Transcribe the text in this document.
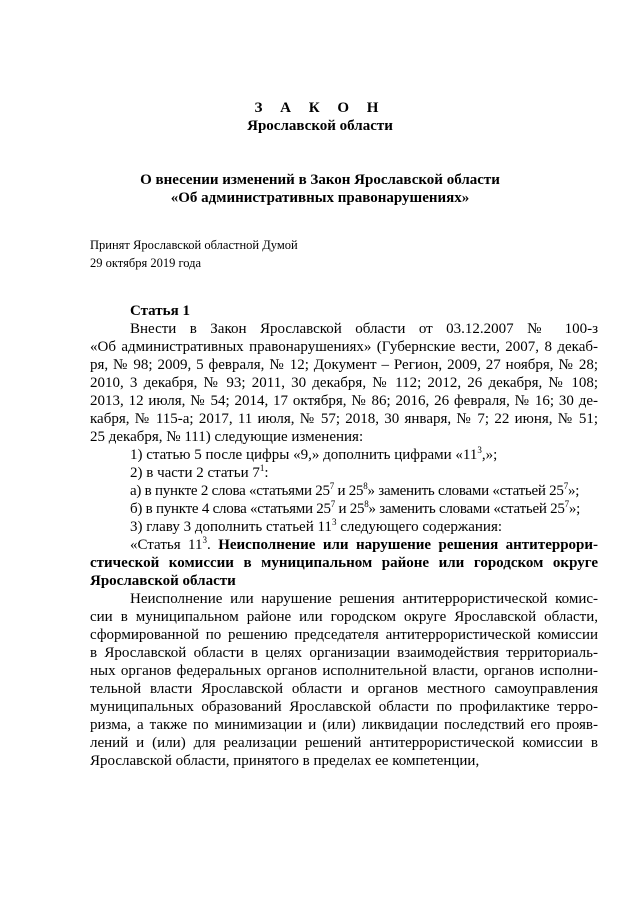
З А К О Н
Ярославской области
О внесении изменений в Закон Ярославской области
«Об административных правонарушениях»
Принят Ярославской областной Думой
29 октября 2019 года
Статья 1
Внести в Закон Ярославской области от 03.12.2007 № 100-з
«Об административных правонарушениях» (Губернские вести, 2007, 8 декаб-
ря, № 98; 2009, 5 февраля, № 12; Документ – Регион, 2009, 27 ноября, № 28;
2010, 3 декабря, № 93; 2011, 30 декабря, № 112; 2012, 26 декабря, № 108;
2013, 12 июля, № 54; 2014, 17 октября, № 86; 2016, 26 февраля, № 16; 30 де-
кабря, № 115-а; 2017, 11 июля, № 57; 2018, 30 января, № 7; 22 июня, № 51;
25 декабря, № 111) следующие изменения:
1) статью 5 после цифры «9,» дополнить цифрами «$11^3$,»;
2) в части 2 статьи $7^1$:
а) в пункте 2 слова «статьями $25^7$ и $25^8$» заменить словами «статьей $25^7$»;
б) в пункте 4 слова «статьями $25^7$ и $25^8$» заменить словами «статьей $25^7$»;
3) главу 3 дополнить статьей $11^3$ следующего содержания:
«Статья $11^3$. Неисполнение или нарушение решения антитеррори-
стической комиссии в муниципальном районе или городском округе
Ярославской области
Неисполнение или нарушение решения антитеррористической комис-
сии в муниципальном районе или городском округе Ярославской области,
сформированной по решению председателя антитеррористической комиссии
в Ярославской области в целях организации взаимодействия территориаль-
ных органов федеральных органов исполнительной власти, органов исполни-
тельной власти Ярославской области и органов местного самоуправления
муниципальных образований Ярославской области по профилактике терро-
ризма, а также по минимизации и (или) ликвидации последствий его прояв-
лений и (или) для реализации решений антитеррористической комиссии в
Ярославской области, принятого в пределах ее компетенции,
